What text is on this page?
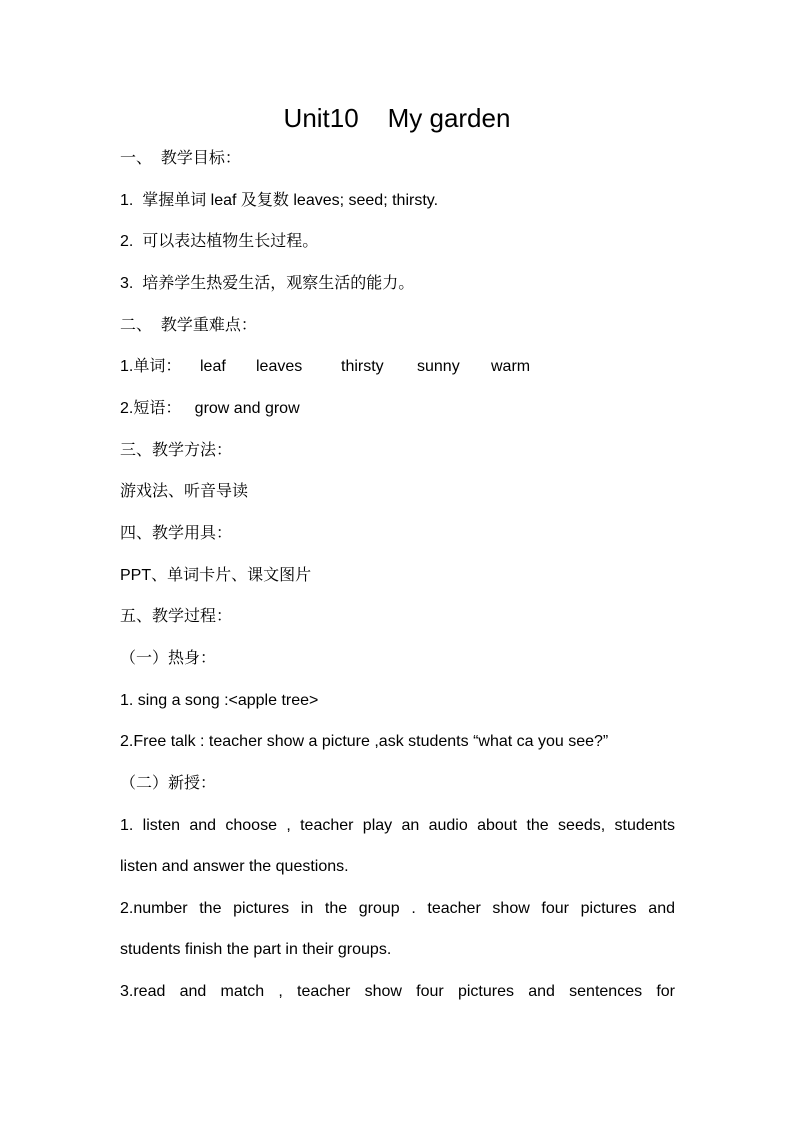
Unit10    My garden
一、  教学目标：
1.  掌握单词 leaf 及复数 leaves; seed; thirsty.
2.  可以表达植物生长过程。
3.  培养学生热爱生活，观察生活的能力。
二、  教学重难点：
1.单词： leaf leaves thirsty sunny warm
2.短语：   grow and grow
三、教学方法：
游戏法、听音导读
四、教学用具：
PPT、单词卡片、课文图片
五、教学过程：
（一）热身：
1. sing a song :<apple tree>
2.Free talk : teacher show a picture ,ask students “what ca you see?”
（二）新授：
1. listen and choose , teacher play an audio about the seeds, students
listen and answer the questions.
2.number the pictures in the group . teacher show four pictures and
students finish the part in their groups.
3.read and match , teacher show four pictures and sentences for
